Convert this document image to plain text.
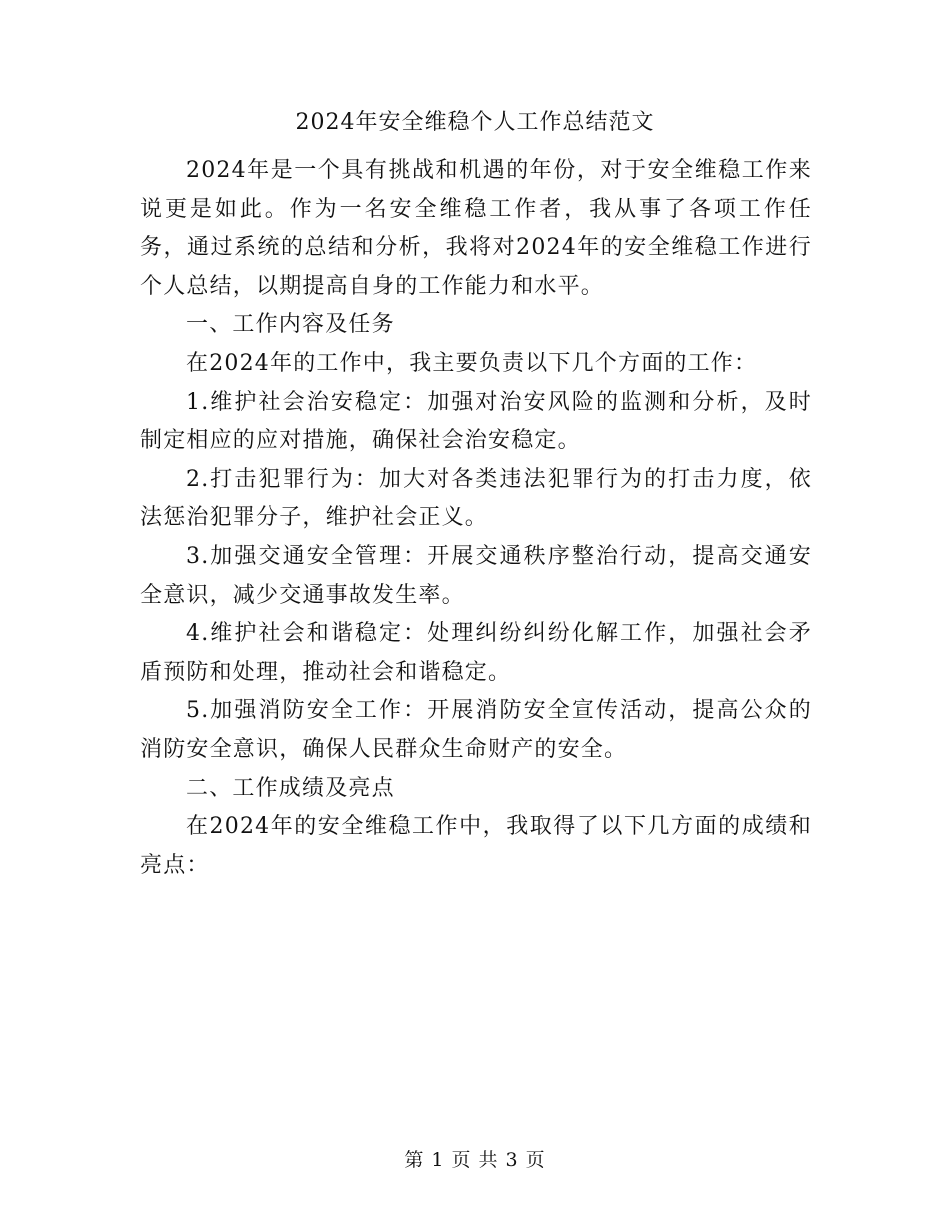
2024年安全维稳个人工作总结范文

2024年是一个具有挑战和机遇的年份，对于安全维稳工作来说更是如此。作为一名安全维稳工作者，我从事了各项工作任务，通过系统的总结和分析，我将对2024年的安全维稳工作进行个人总结，以期提高自身的工作能力和水平。

一、工作内容及任务

在2024年的工作中，我主要负责以下几个方面的工作：

1.维护社会治安稳定：加强对治安风险的监测和分析，及时制定相应的应对措施，确保社会治安稳定。

2.打击犯罪行为：加大对各类违法犯罪行为的打击力度，依法惩治犯罪分子，维护社会正义。

3.加强交通安全管理：开展交通秩序整治行动，提高交通安全意识，减少交通事故发生率。

4.维护社会和谐稳定：处理纠纷纠纷化解工作，加强社会矛盾预防和处理，推动社会和谐稳定。

5.加强消防安全工作：开展消防安全宣传活动，提高公众的消防安全意识，确保人民群众生命财产的安全。

二、工作成绩及亮点

在2024年的安全维稳工作中，我取得了以下几方面的成绩和亮点：

第 1 页 共 3 页
